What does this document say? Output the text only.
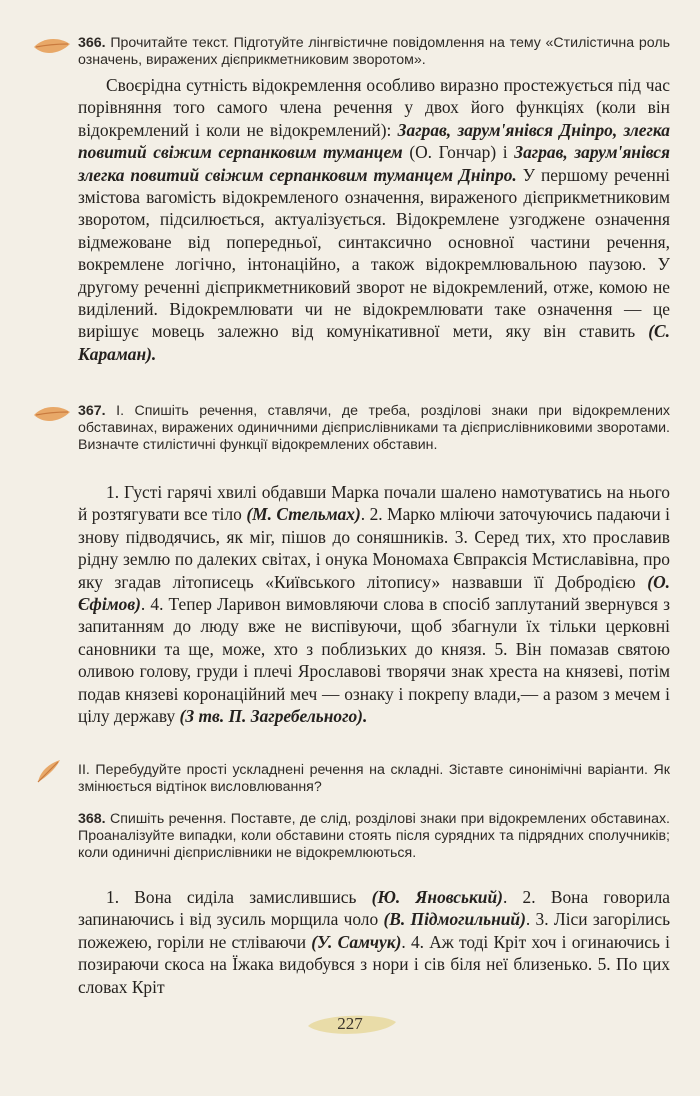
366. Прочитайте текст. Підготуйте лінгвістичне повідомлення на тему «Стилістична роль означень, виражених дієприкметниковим зворотом».
Своєрідна сутність відокремлення особливо виразно простежується під час порівняння того самого члена речення у двох його функціях (коли він відокремлений і коли не відокремлений): Заграв, зарум'янівся Дніпро, злегка повитий свіжим серпанковим туманцем (О. Гончар) і Заграв, зарум'янівся злегка повитий свіжим серпанковим туманцем Дніпро. У першому реченні змістова вагомість відокремленого означення, вираженого дієприкметниковим зворотом, підсилюється, актуалізується. Відокремлене узгоджене означення відмежоване від попередньої, синтаксично основної частини речення, вокремлене логічно, інтонаційно, а також відокремлювальною паузою. У другому реченні дієприкметниковий зворот не відокремлений, отже, комою не виділений. Відокремлювати чи не відокремлювати таке означення — це вирішує мовець залежно від комунікативної мети, яку він ставить (С. Караман).
367. І. Спишіть речення, ставлячи, де треба, розділові знаки при відокремлених обставинах, виражених одиничними дієприслівниками та дієприслівниковими зворотами. Визначте стилістичні функції відокремлених обставин.
1. Густі гарячі хвилі обдавши Марка почали шалено намотуватись на нього й розтягувати все тіло (М. Стельмах). 2. Марко мліючи заточуючись падаючи і знову підводячись, як міг, пішов до соняшників. 3. Серед тих, хто прославив рідну землю по далеких світах, і онука Мономаха Євпраксія Мстиславівна, про яку згадав літописець «Київського літопису» назвавши її Добродією (О. Єфімов). 4. Тепер Ларивон вимовляючи слова в спосіб заплутаний звернувся з запитанням до люду вже не виспівуючи, щоб збагнули їх тільки церковні сановники та ще, може, хто з поблизьких до князя. 5. Він помазав святою оливою голову, груди і плечі Ярославові творячи знак хреста на князеві, потім подав князеві коронаційний меч — ознаку і покрепу влади,— а разом з мечем і цілу державу (З тв. П. Загребельного).
ІІ. Перебудуйте прості ускладнені речення на складні. Зіставте синонімічні варіанти. Як змінюється відтінок висловлювання?
368. Спишіть речення. Поставте, де слід, розділові знаки при відокремлених обставинах. Проаналізуйте випадки, коли обставини стоять після сурядних та підрядних сполучників; коли одиничні дієприслівники не відокремлюються.
1. Вона сиділа замислившись (Ю. Яновський). 2. Вона говорила запинаючись і від зусиль морщила чоло (В. Підмогильний). 3. Ліси загорілись пожежею, горіли не стліваючи (У. Самчук). 4. Аж тоді Кріт хоч і огинаючись і позираючи скоса на Їжака видобувся з нори і сів біля неї близенько. 5. По цих словах Кріт
227
